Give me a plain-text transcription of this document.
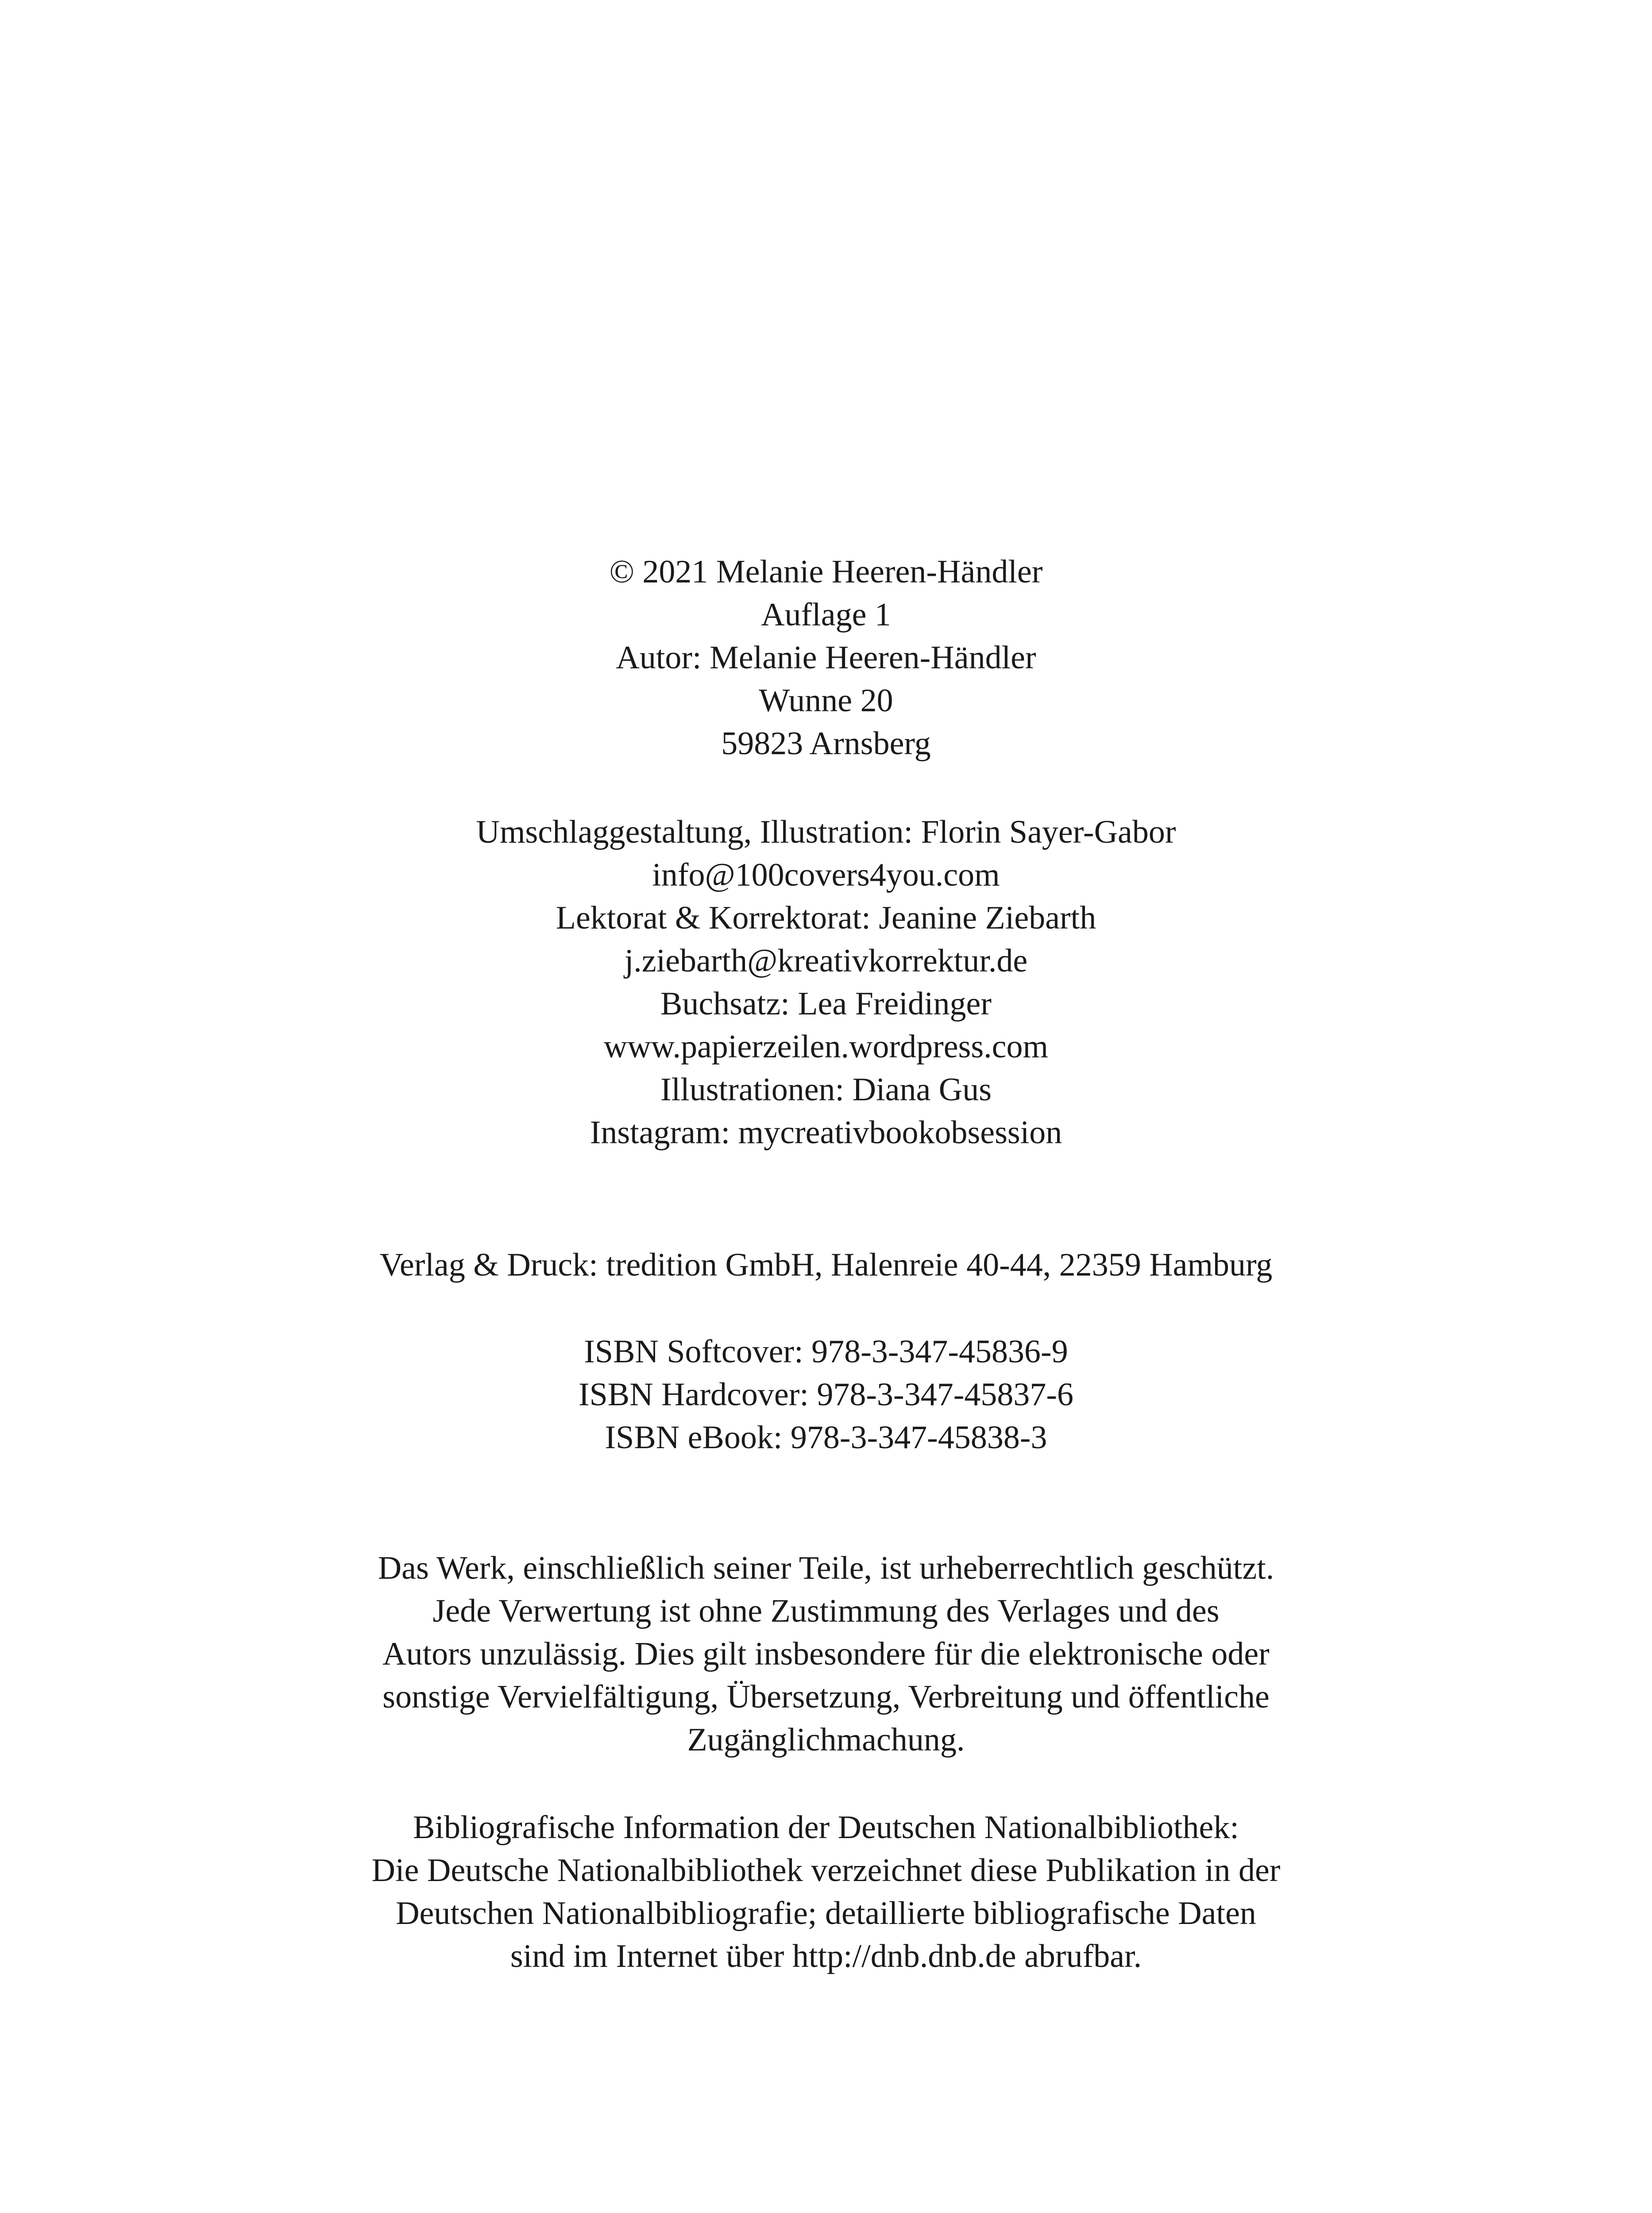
© 2021 Melanie Heeren-Händler
Auflage 1
Autor: Melanie Heeren-Händler
Wunne 20
59823 Arnsberg
Umschlaggestaltung, Illustration: Florin Sayer-Gabor
info@100covers4you.com
Lektorat & Korrektorat: Jeanine Ziebarth
j.ziebarth@kreativkorrektur.de
Buchsatz: Lea Freidinger
www.papierzeilen.wordpress.com
Illustrationen: Diana Gus
Instagram: mycreativbookobsession
Verlag & Druck: tredition GmbH, Halenreie 40-44, 22359 Hamburg
ISBN Softcover: 978-3-347-45836-9
ISBN Hardcover: 978-3-347-45837-6
ISBN eBook: 978-3-347-45838-3
Das Werk, einschließlich seiner Teile, ist urheberrechtlich geschützt.
Jede Verwertung ist ohne Zustimmung des Verlages und des
Autors unzulässig. Dies gilt insbesondere für die elektronische oder
sonstige Vervielfältigung, Übersetzung, Verbreitung und öffentliche
Zugänglichmachung.
Bibliografische Information der Deutschen Nationalbibliothek:
Die Deutsche Nationalbibliothek verzeichnet diese Publikation in der
Deutschen Nationalbibliografie; detaillierte bibliografische Daten
sind im Internet über http://dnb.dnb.de abrufbar.
